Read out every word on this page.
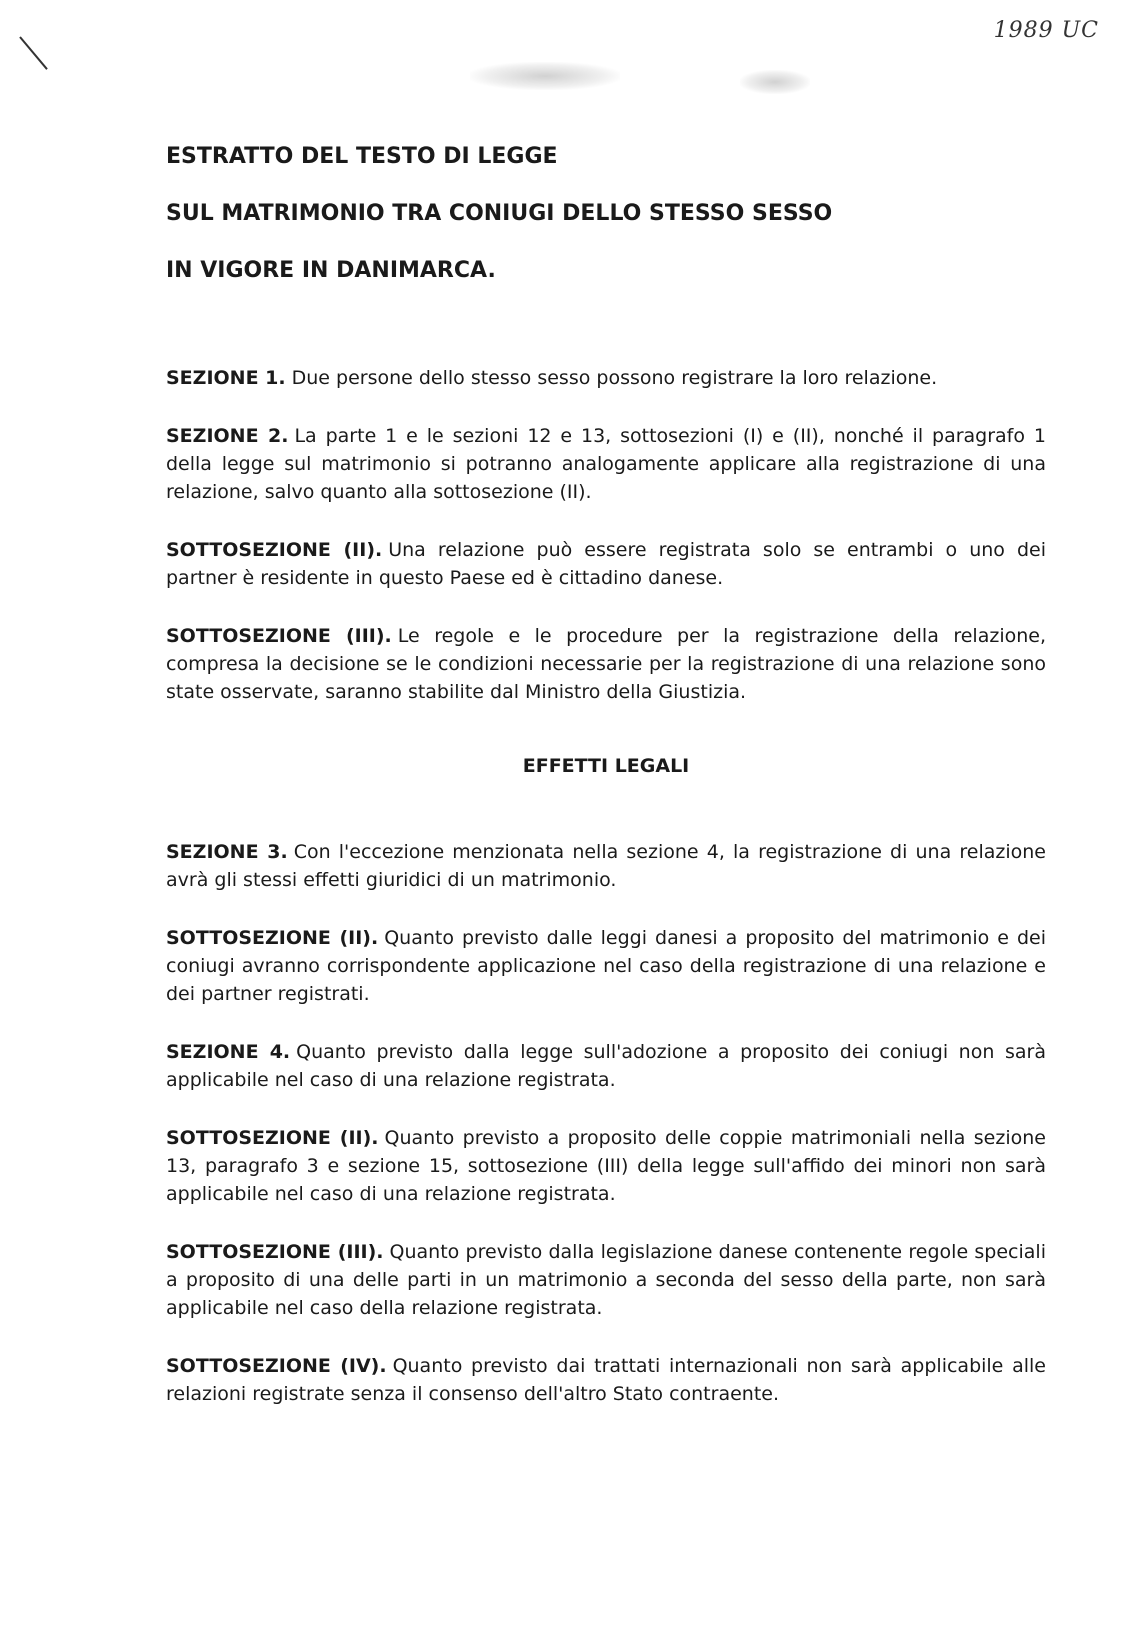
1989 UC
ESTRATTO DEL TESTO DI LEGGE
SUL MATRIMONIO TRA CONIUGI DELLO STESSO SESSO
IN VIGORE IN DANIMARCA.

SEZIONE 1. Due persone dello stesso sesso possono registrare la loro relazione.

SEZIONE 2. La parte 1 e le sezioni 12 e 13, sottosezioni (I) e (II), nonché il paragrafo 1 della legge sul matrimonio si potranno analogamente applicare alla registrazione di una relazione, salvo quanto alla sottosezione (II).

SOTTOSEZIONE (II). Una relazione può essere registrata solo se entrambi o uno dei partner è residente in questo Paese ed è cittadino danese.

SOTTOSEZIONE (III). Le regole e le procedure per la registrazione della relazione, compresa la decisione se le condizioni necessarie per la registrazione di una relazione sono state osservate, saranno stabilite dal Ministro della Giustizia.

EFFETTI LEGALI

SEZIONE 3. Con l'eccezione menzionata nella sezione 4, la registrazione di una relazione avrà gli stessi effetti giuridici di un matrimonio.

SOTTOSEZIONE (II). Quanto previsto dalle leggi danesi a proposito del matrimonio e dei coniugi avranno corrispondente applicazione nel caso della registrazione di una relazione e dei partner registrati.

SEZIONE 4. Quanto previsto dalla legge sull'adozione a proposito dei coniugi non sarà applicabile nel caso di una relazione registrata.

SOTTOSEZIONE (II). Quanto previsto a proposito delle coppie matrimoniali nella sezione 13, paragrafo 3 e sezione 15, sottosezione (III) della legge sull'affido dei minori non sarà applicabile nel caso di una relazione registrata.

SOTTOSEZIONE (III). Quanto previsto dalla legislazione danese contenente regole speciali a proposito di una delle parti in un matrimonio a seconda del sesso della parte, non sarà applicabile nel caso della relazione registrata.

SOTTOSEZIONE (IV). Quanto previsto dai trattati internazionali non sarà applicabile alle relazioni registrate senza il consenso dell'altro Stato contraente.
